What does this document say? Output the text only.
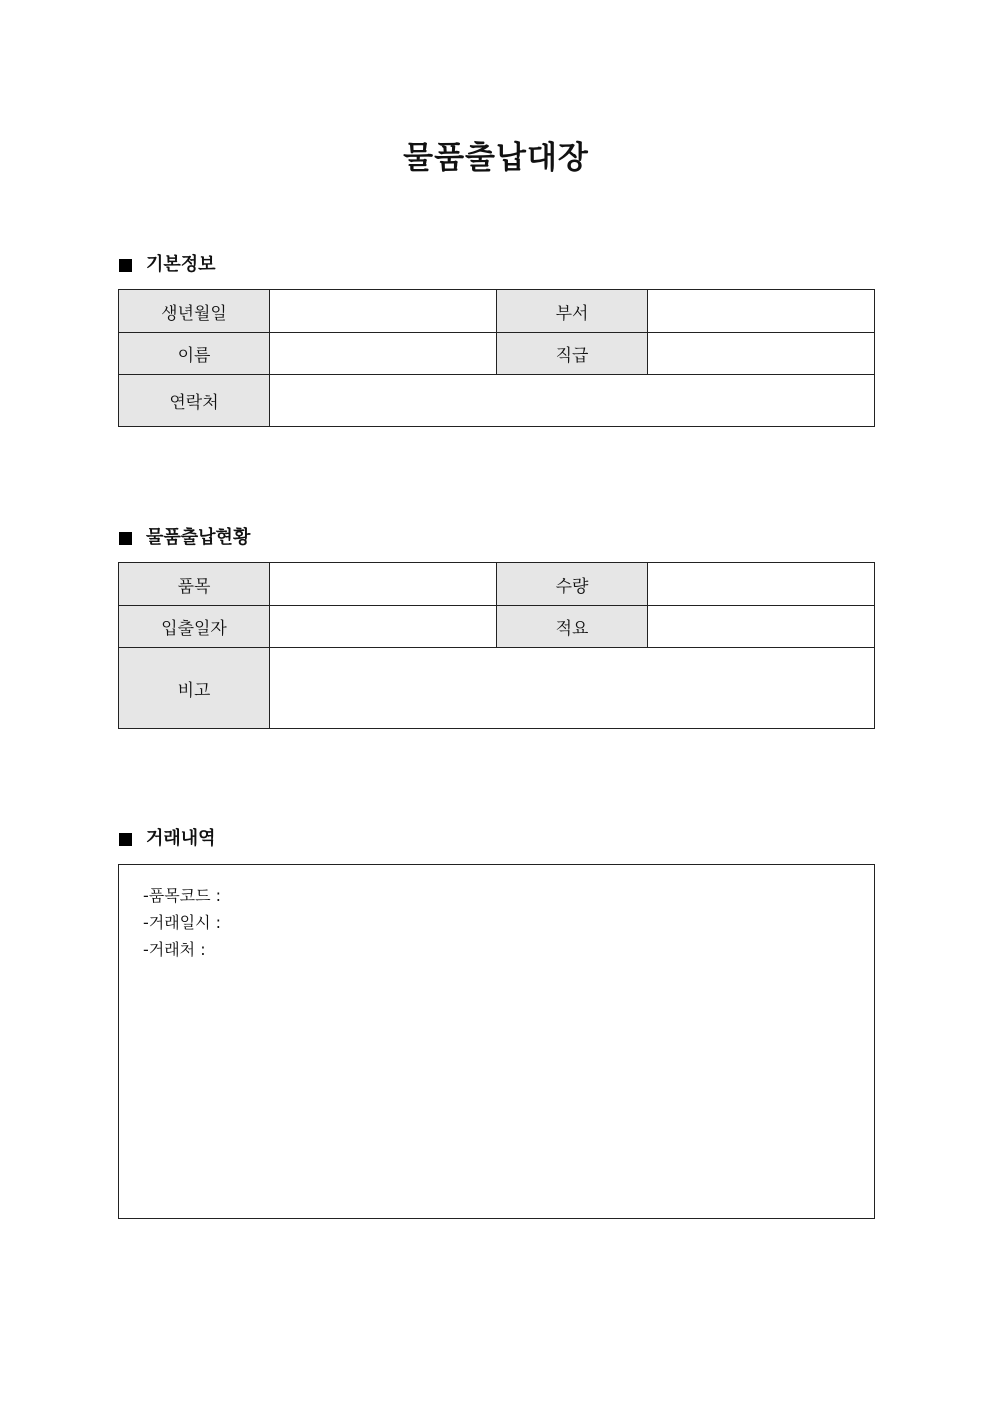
물품출납대장
기본정보
생년월일		부서	
이름		직급	
연락처			
물품출납현황
품목		수량	
입출일자		적요	
비고			
거래내역
-품목코드 :
-거래일시 :
-거래처 :
